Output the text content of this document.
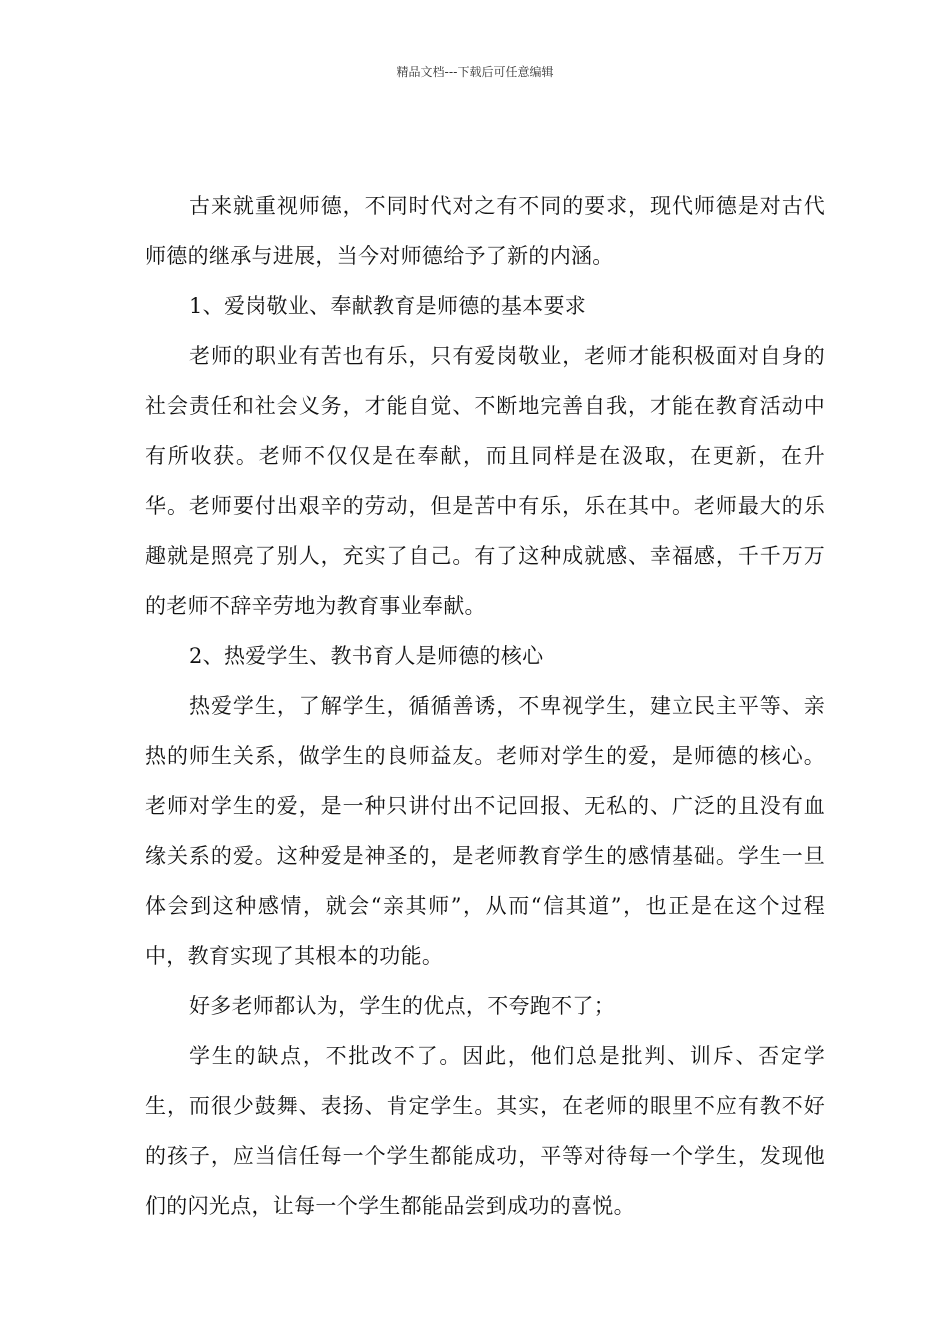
精品文档---下载后可任意编辑

古来就重视师德，不同时代对之有不同的要求，现代师德是对古代师德的继承与进展，当今对师德给予了新的内涵。

1、爱岗敬业、奉献教育是师德的基本要求

老师的职业有苦也有乐，只有爱岗敬业，老师才能积极面对自身的社会责任和社会义务，才能自觉、不断地完善自我，才能在教育活动中有所收获。老师不仅仅是在奉献，而且同样是在汲取，在更新，在升华。老师要付出艰辛的劳动，但是苦中有乐，乐在其中。老师最大的乐趣就是照亮了别人，充实了自己。有了这种成就感、幸福感，千千万万的老师不辞辛劳地为教育事业奉献。

2、热爱学生、教书育人是师德的核心

热爱学生，了解学生，循循善诱，不卑视学生，建立民主平等、亲热的师生关系，做学生的良师益友。老师对学生的爱，是师德的核心。老师对学生的爱，是一种只讲付出不记回报、无私的、广泛的且没有血缘关系的爱。这种爱是神圣的，是老师教育学生的感情基础。学生一旦体会到这种感情，就会“亲其师”，从而“信其道”，也正是在这个过程中，教育实现了其根本的功能。

好多老师都认为，学生的优点，不夸跑不了；

学生的缺点，不批改不了。因此，他们总是批判、训斥、否定学生，而很少鼓舞、表扬、肯定学生。其实，在老师的眼里不应有教不好的孩子，应当信任每一个学生都能成功，平等对待每一个学生，发现他们的闪光点，让每一个学生都能品尝到成功的喜悦。
